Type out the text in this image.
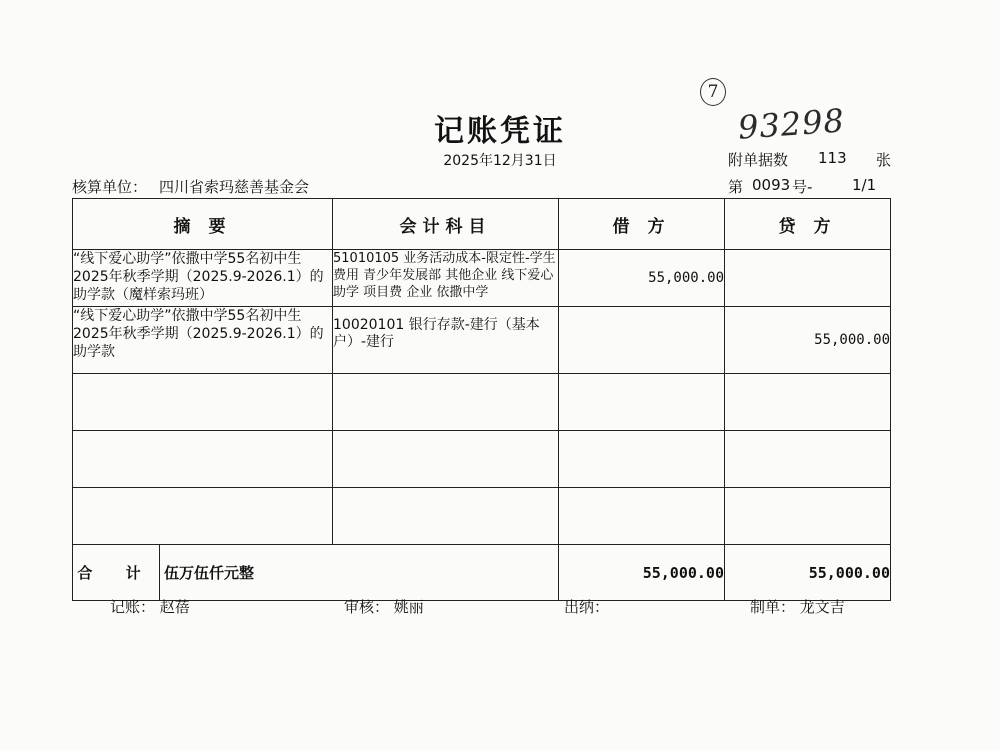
7
93298
记账凭证
2025年12月31日	附单据数	113	张
核算单位： 四川省索玛慈善基金会	第 0093 号-	1/1
摘 要	会计科目	借 方	贷 方
“线下爱心助学”依撒中学55名初中生2025年秋季学期（2025.9-2026.1）的助学款（魔样索玛班）	51010105 业务活动成本-限定性-学生费用 青少年发展部 其他企业 线下爱心助学 项目费 企业 依撒中学	55,000.00	
“线下爱心助学”依撒中学55名初中生2025年秋季学期（2025.9-2026.1）的助学款	10020101 银行存款-建行（基本户）-建行		55,000.00

合 计 伍万伍仟元整		55,000.00	55,000.00
记账： 赵蓓	审核： 姚丽	出纳：	制单： 龙文吉
